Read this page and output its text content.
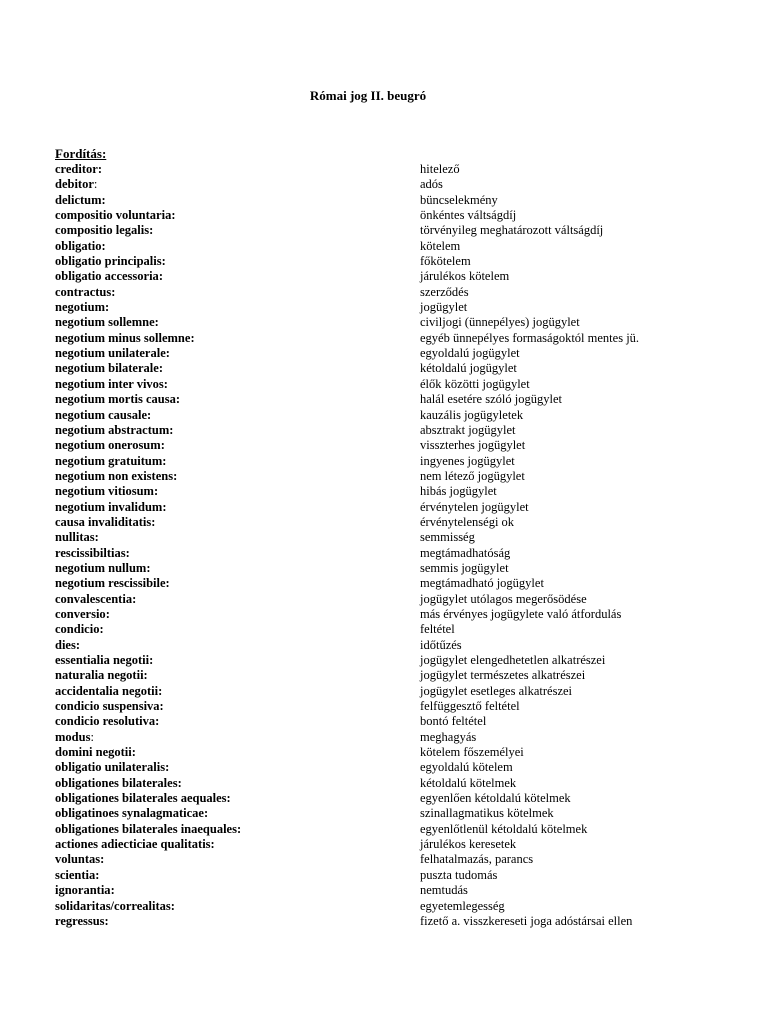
Római jog II. beugró
Fordítás:
creditor:	hitelező
debitor:	adós
delictum:	büncselekmény
compositio voluntaria:	önkéntes váltságdíj
compositio legalis:	törvényileg meghatározott váltságdíj
obligatio:	kötelem
obligatio principalis:	főkötelem
obligatio accessoria:	járulékos kötelem
contractus:	szerződés
negotium:	jogügylet
negotium sollemne:	civiljogi (ünnepélyes) jogügylet
negotium minus sollemne:	egyéb ünnepélyes formaságoktól mentes jü.
negotium unilaterale:	egyoldalú jogügylet
negotium bilaterale:	kétoldalú jogügylet
negotium inter vivos:	élők közötti jogügylet
negotium mortis causa:	halál esetére szóló jogügylet
negotium causale:	kauzális jogügyletek
negotium abstractum:	absztrakt jogügylet
negotium onerosum:	visszterhes jogügylet
negotium gratuitum:	ingyenes jogügylet
negotium non existens:	nem létező jogügylet
negotium vitiosum:	hibás jogügylet
negotium invalidum:	érvénytelen jogügylet
causa invaliditatis:	érvénytelenségi ok
nullitas:	semmisség
rescissibiltias:	megtámadhatóság
negotium nullum:	semmis jogügylet
negotium rescissibile:	megtámadható jogügylet
convalescentia:	jogügylet utólagos megerősödése
conversio:	más érvényes jogügylete való átfordulás
condicio:	feltétel
dies:	időtűzés
essentialia negotii:	jogügylet elengedhetetlen alkatrészei
naturalia negotii:	jogügylet természetes alkatrészei
accidentalia negotii:	jogügylet esetleges alkatrészei
condicio suspensiva:	felfüggesztő feltétel
condicio resolutiva:	bontó feltétel
modus:	meghagyás
domini negotii:	kötelem főszemélyei
obligatio unilateralis:	egyoldalú kötelem
obligationes bilaterales:	kétoldalú kötelmek
obligationes bilaterales aequales:	egyenlően kétoldalú kötelmek
obligatinoes synalagmaticae:	szinallagmatikus kötelmek
obligationes bilaterales inaequales:	egyenlőtlenül kétoldalú kötelmek
actiones adiecticiae qualitatis:	járulékos keresetek
voluntas:	felhatalmazás, parancs
scientia:	puszta tudomás
ignorantia:	nemtudás
solidaritas/correalitas:	egyetemlegesség
regressus:	fizető a. visszkereseti joga adóstársai ellen
